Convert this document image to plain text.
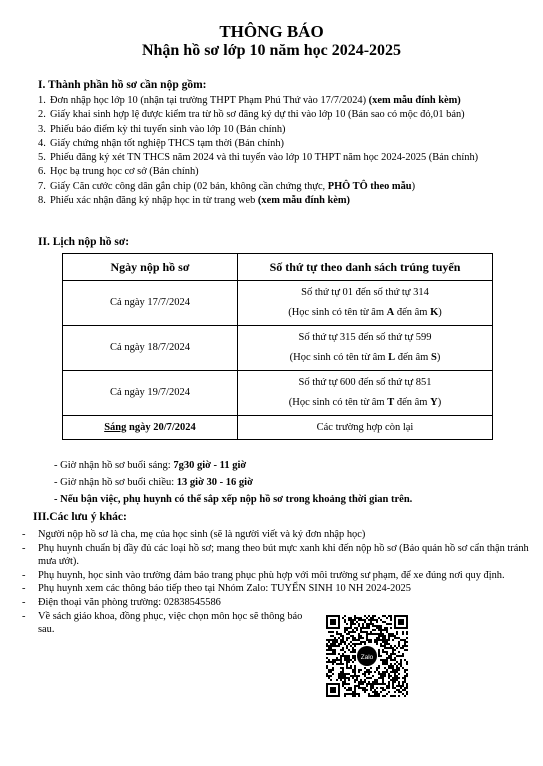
THÔNG BÁO
Nhận hồ sơ lớp 10 năm học 2024-2025
I. Thành phần hồ sơ cần nộp gồm:
1. Đơn nhập học lớp 10 (nhận tại trường THPT Phạm Phú Thứ vào 17/7/2024) (xem mẫu đính kèm)
2. Giấy khai sinh hợp lệ được kiểm tra từ hồ sơ đăng ký dự thi vào lớp 10 (Bản sao có mộc đỏ,01 bản)
3. Phiếu báo điểm kỳ thi tuyển sinh vào lớp 10 (Bản chính)
4. Giấy chứng nhận tốt nghiệp THCS tạm thời (Bản chính)
5. Phiếu đăng ký xét TN THCS năm 2024 và thi tuyển vào lớp 10 THPT năm học 2024-2025 (Bản chính)
6. Học bạ trung học cơ sở (Bản chính)
7. Giấy Căn cước công dân gắn chip (02 bản, không cần chứng thực, PHÔ TÔ theo mẫu)
8. Phiếu xác nhận đăng ký nhập học in từ trang web (xem mẫu đính kèm)
II. Lịch nộp hồ sơ:
Ngày nộp hồ sơ	Số thứ tự theo danh sách trúng tuyển
Cả ngày 17/7/2024	Số thứ tự 01 đến số thứ tự 314
(Học sinh có tên từ âm A đến âm K)

Cả ngày 18/7/2024	Số thứ tự 315 đến số thứ tự 599
(Học sinh có tên từ âm L đến âm S)

Cả ngày 19/7/2024	Số thứ tự 600 đến số thứ tự 851
(Học sinh có tên từ âm T đến âm Y)

Sáng ngày 20/7/2024	Các trường hợp còn lại
- Giờ nhận hồ sơ buổi sáng: 7g30 giờ - 11 giờ
- Giờ nhận hồ sơ buổi chiều: 13 giờ 30 - 16 giờ
- Nếu bận việc, phụ huynh có thể sắp xếp nộp hồ sơ trong khoảng thời gian trên.
III.Các lưu ý khác:
-	Người nộp hồ sơ là cha, mẹ của học sinh (sẽ là người viết và ký đơn nhập học)
-	Phụ huynh chuẩn bị đầy đủ các loại hồ sơ; mang theo bút mực xanh khi đến nộp hồ sơ (Bảo quản hồ sơ cẩn thận tránh mưa ướt).
-	Phụ huynh, học sinh vào trường đảm bảo trang phục phù hợp với môi trường sư phạm, để xe đúng nơi quy định.
-	Phụ huynh xem các thông báo tiếp theo tại Nhóm Zalo: TUYỂN SINH 10 NH 2024-2025
-	Điện thoại văn phòng trường: 02838545586
-	Về sách giáo khoa, đồng phục, việc chọn môn học sẽ thông báo sau.
Zalo
